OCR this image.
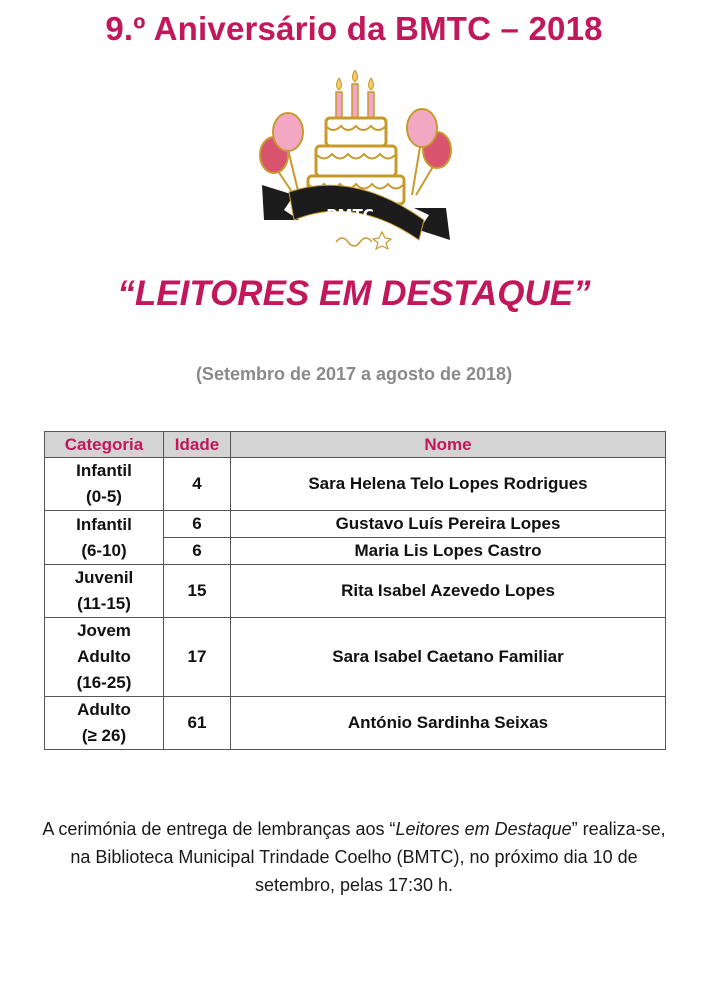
9.º Aniversário da BMTC – 2018
BMTC
“LEITORES EM DESTAQUE”
(Setembro de 2017 a agosto de 2018)
Categoria	Idade	Nome

Infantil
(0-5)	4	Sara Helena Telo Lopes Rodrigues

Infantil
(6-10)	6	Gustavo Luís Pereira Lopes
	6	Maria Lis Lopes Castro

Juvenil
(11-15)	15	Rita Isabel Azevedo Lopes

Jovem
Adulto
(16-25)	17	Sara Isabel Caetano Familiar

Adulto
(≥ 26)	61	António Sardinha Seixas
A cerimónia de entrega de lembranças aos “Leitores em Destaque” realiza-se, na Biblioteca Municipal Trindade Coelho (BMTC), no próximo dia 10 de setembro, pelas 17:30 h.
